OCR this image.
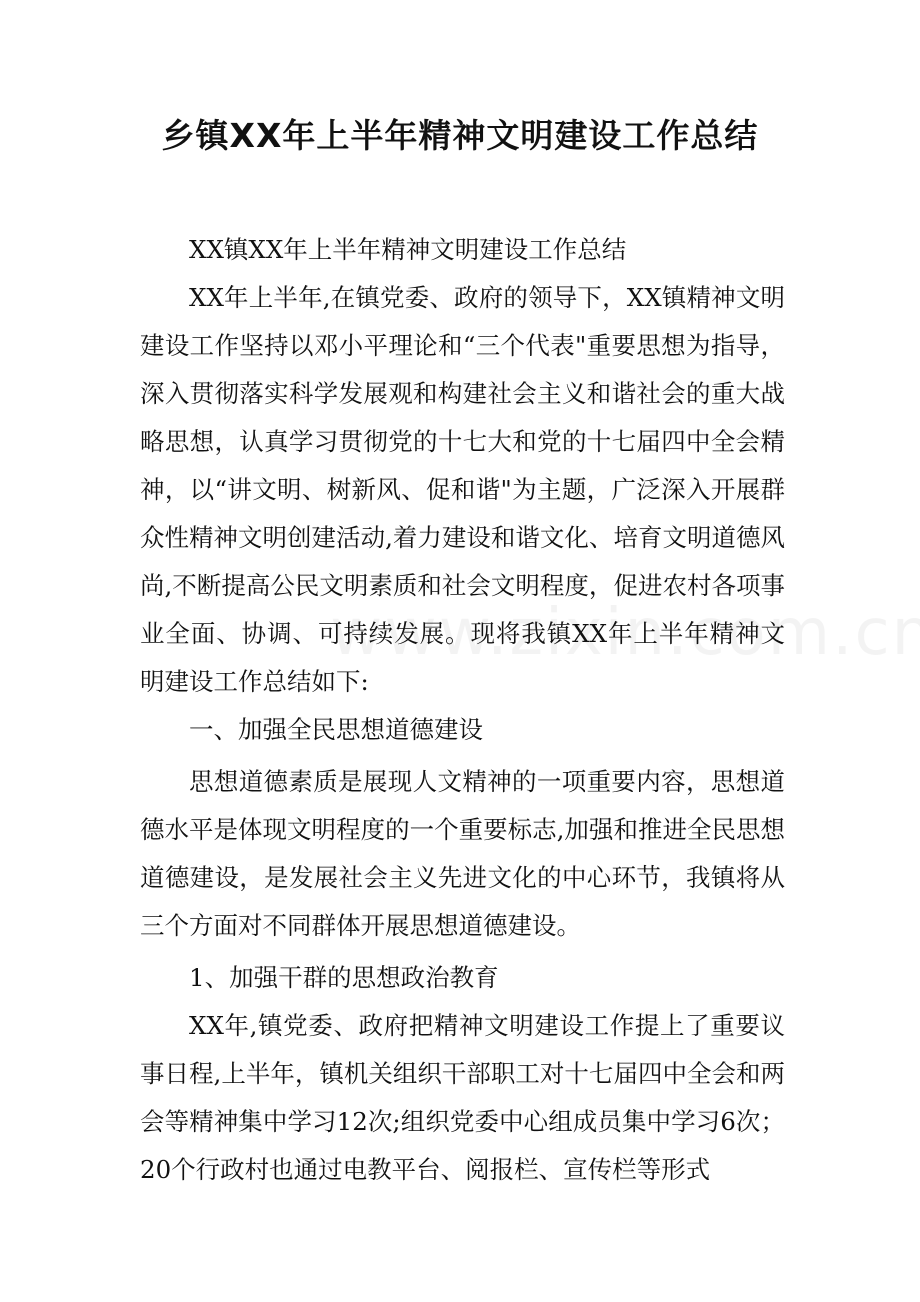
乡镇XX年上半年精神文明建设工作总结

XX镇XX年上半年精神文明建设工作总结

XX年上半年,在镇党委、政府的领导下，XX镇精神文明建设工作坚持以邓小平理论和“三个代表"重要思想为指导，深入贯彻落实科学发展观和构建社会主义和谐社会的重大战略思想，认真学习贯彻党的十七大和党的十七届四中全会精神，以“讲文明、树新风、促和谐"为主题，广泛深入开展群众性精神文明创建活动,着力建设和谐文化、培育文明道德风尚,不断提高公民文明素质和社会文明程度，促进农村各项事业全面、协调、可持续发展。现将我镇XX年上半年精神文明建设工作总结如下:

一、加强全民思想道德建设

思想道德素质是展现人文精神的一项重要内容，思想道德水平是体现文明程度的一个重要标志,加强和推进全民思想道德建设，是发展社会主义先进文化的中心环节，我镇将从三个方面对不同群体开展思想道德建设。

1、加强干群的思想政治教育

XX年,镇党委、政府把精神文明建设工作提上了重要议事日程,上半年，镇机关组织干部职工对十七届四中全会和两会等精神集中学习12次;组织党委中心组成员集中学习6次；20个行政村也通过电教平台、阅报栏、宣传栏等形式
